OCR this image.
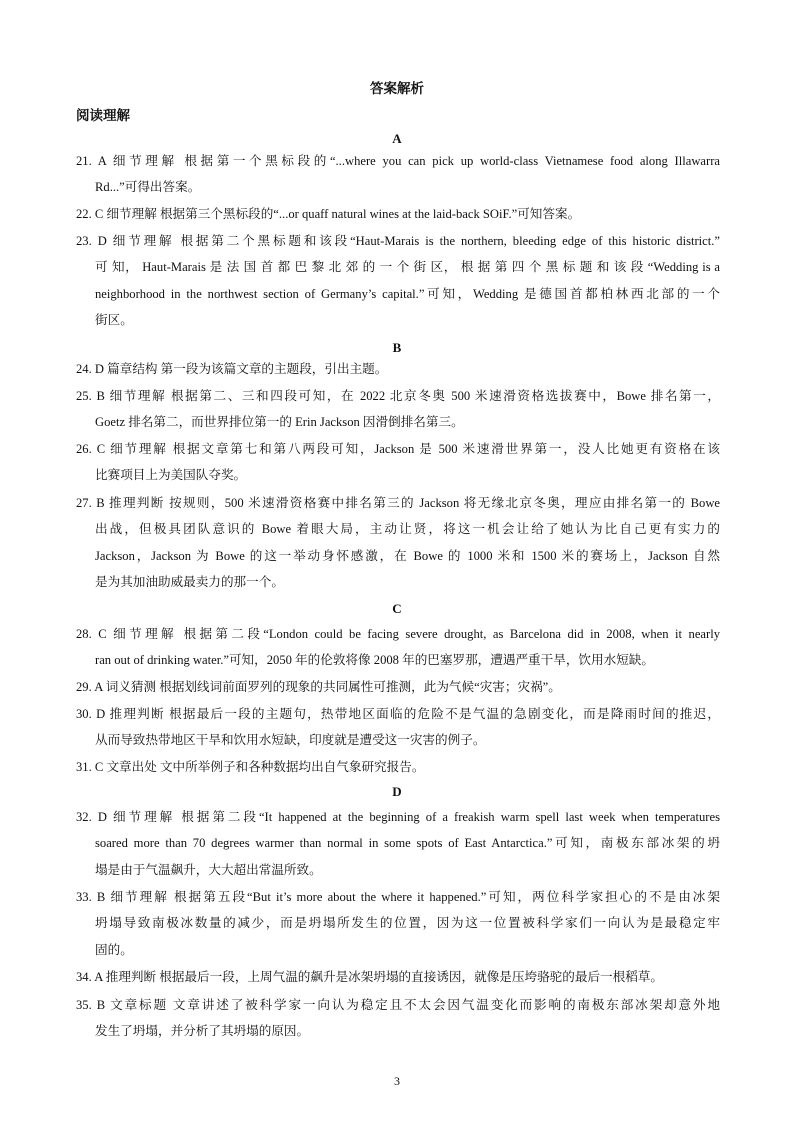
答案解析
阅读理解
A
21. A 细节理解 根据第一个黑标段的“...where you can pick up world-class Vietnamese food along Illawarra
Rd...”可得出答案。
22. C 细节理解 根据第三个黑标段的“...or quaff natural wines at the laid-back SOiF.”可知答案。
23. D 细节理解 根据第二个黑标题和该段“Haut-Marais is the northern, bleeding edge of this historic district.”
可 知， Haut-Marais 是 法 国 首 都 巴 黎 北 郊 的 一 个 街 区， 根 据 第 四 个 黑 标 题 和 该 段 “Wedding is a
neighborhood in the northwest section of Germany’s capital.”可知，Wedding 是德国首都柏林西北部的一个
街区。
B
24. D 篇章结构 第一段为该篇文章的主题段，引出主题。
25. B 细节理解 根据第二、三和四段可知，在 2022 北京冬奥 500 米速滑资格选拔赛中，Bowe 排名第一，
Goetz 排名第二，而世界排位第一的 Erin Jackson 因滑倒排名第三。
26. C 细节理解 根据文章第七和第八两段可知，Jackson 是 500 米速滑世界第一，没人比她更有资格在该
比赛项目上为美国队夺奖。
27. B 推理判断 按规则，500 米速滑资格赛中排名第三的 Jackson 将无缘北京冬奥，理应由排名第一的 Bowe
出战，但极具团队意识的 Bowe 着眼大局，主动让贤，将这一机会让给了她认为比自己更有实力的
Jackson，Jackson 为 Bowe 的这一举动身怀感激，在 Bowe 的 1000 米和 1500 米的赛场上，Jackson 自然
是为其加油助威最卖力的那一个。
C
28. C 细节理解 根据第二段“London could be facing severe drought, as Barcelona did in 2008, when it nearly
ran out of drinking water.”可知，2050 年的伦敦将像 2008 年的巴塞罗那，遭遇严重干旱，饮用水短缺。
29. A 词义猜测 根据划线词前面罗列的现象的共同属性可推测，此为气候“灾害；灾祸”。
30. D 推理判断 根据最后一段的主题句，热带地区面临的危险不是气温的急剧变化，而是降雨时间的推迟，
从而导致热带地区干旱和饮用水短缺，印度就是遭受这一灾害的例子。
31. C 文章出处 文中所举例子和各种数据均出自气象研究报告。
D
32. D 细节理解 根据第二段“It happened at the beginning of a freakish warm spell last week when temperatures
soared more than 70 degrees warmer than normal in some spots of East Antarctica.”可知，南极东部冰架的坍
塌是由于气温飙升，大大超出常温所致。
33. B 细节理解 根据第五段“But it’s more about the where it happened.”可知，两位科学家担心的不是由冰架
坍塌导致南极冰数量的减少，而是坍塌所发生的位置，因为这一位置被科学家们一向认为是最稳定牢
固的。
34. A 推理判断 根据最后一段，上周气温的飙升是冰架坍塌的直接诱因，就像是压垮骆驼的最后一根稻草。
35. B 文章标题 文章讲述了被科学家一向认为稳定且不太会因气温变化而影响的南极东部冰架却意外地
发生了坍塌，并分析了其坍塌的原因。
3
